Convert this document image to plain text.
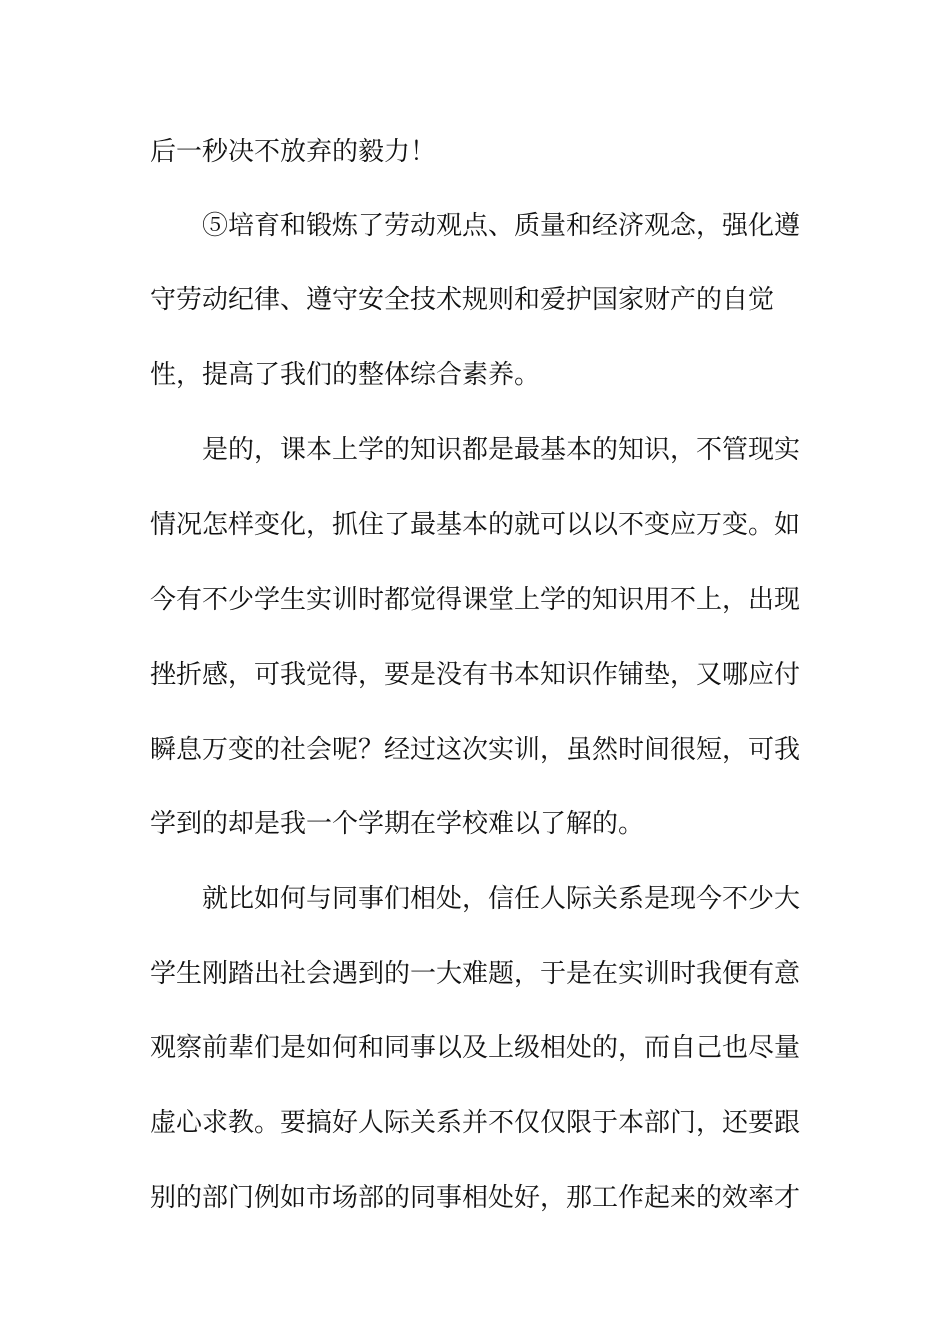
后一秒决不放弃的毅力！
⑤培育和锻炼了劳动观点、质量和经济观念，强化遵
守劳动纪律、遵守安全技术规则和爱护国家财产的自觉
性，提高了我们的整体综合素养。
是的，课本上学的知识都是最基本的知识，不管现实
情况怎样变化，抓住了最基本的就可以以不变应万变。如
今有不少学生实训时都觉得课堂上学的知识用不上，出现
挫折感，可我觉得，要是没有书本知识作铺垫，又哪应付
瞬息万变的社会呢？经过这次实训，虽然时间很短，可我
学到的却是我一个学期在学校难以了解的。
就比如何与同事们相处，信任人际关系是现今不少大
学生刚踏出社会遇到的一大难题，于是在实训时我便有意
观察前辈们是如何和同事以及上级相处的，而自己也尽量
虚心求教。要搞好人际关系并不仅仅限于本部门，还要跟
别的部门例如市场部的同事相处好，那工作起来的效率才
